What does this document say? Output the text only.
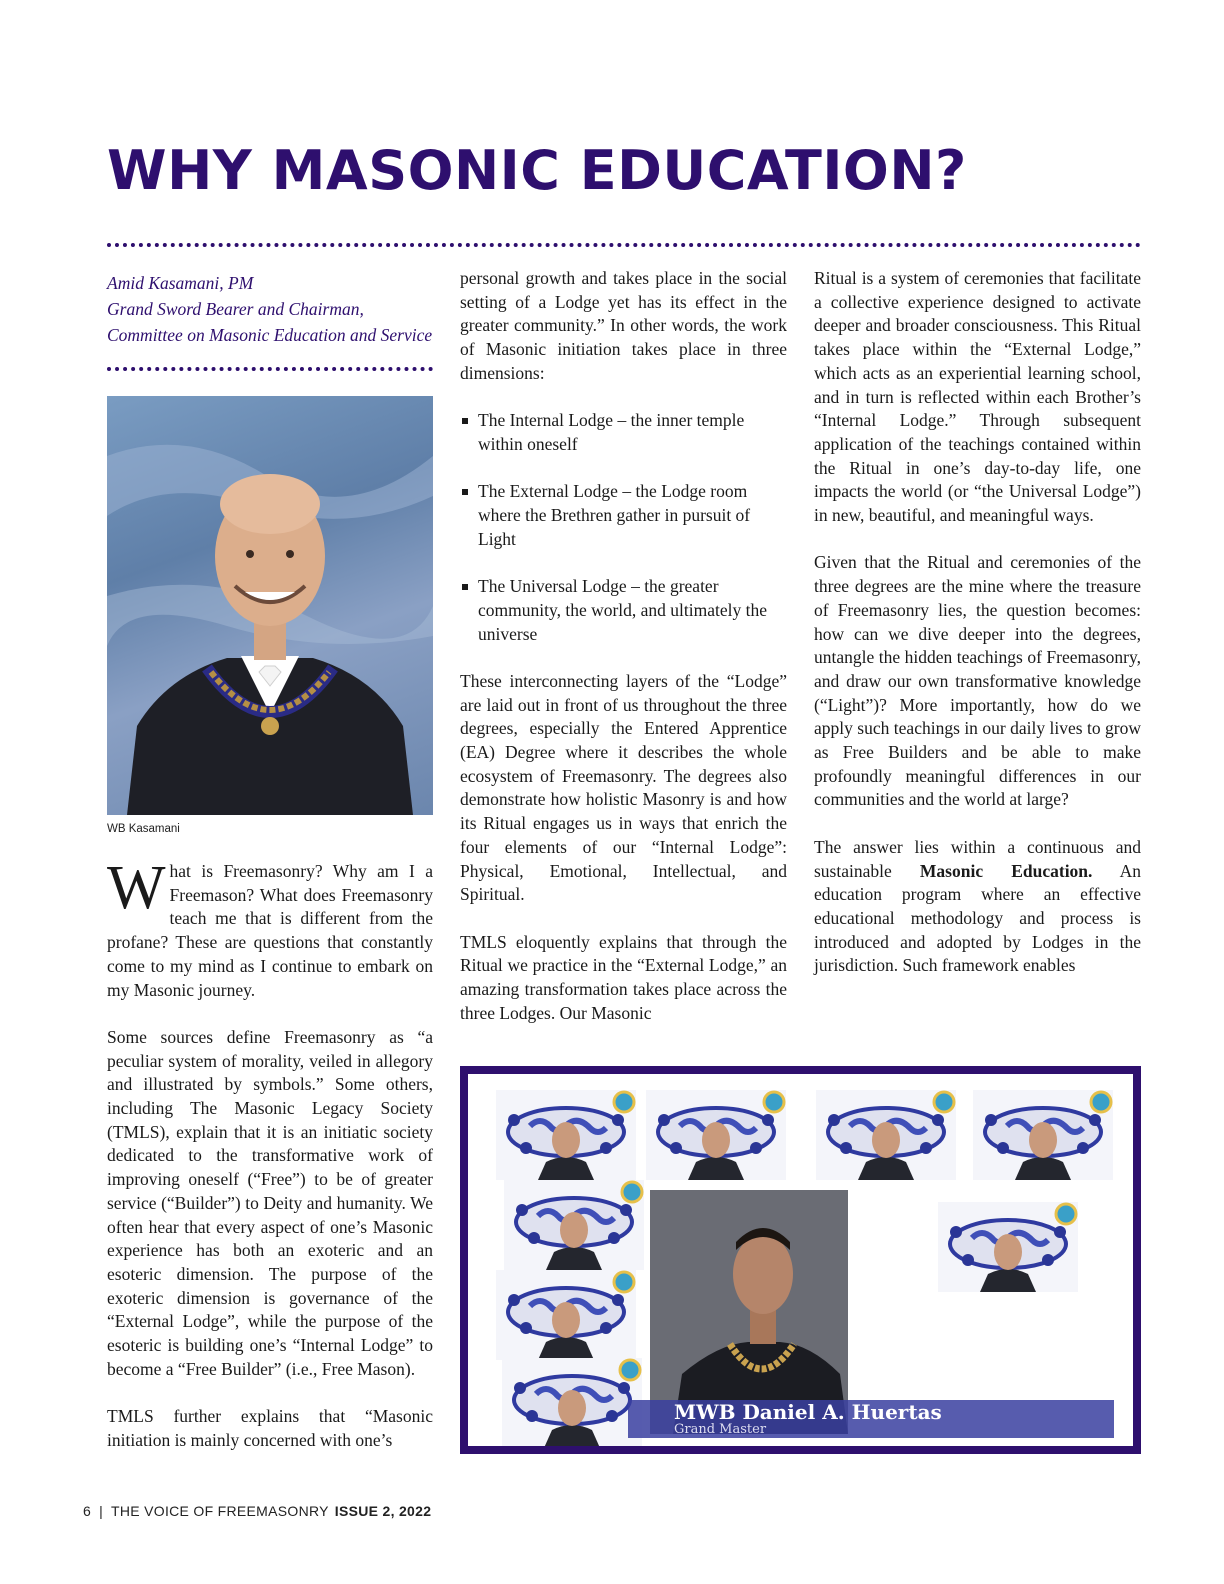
WHY MASONIC EDUCATION?
Amid Kasamani, PM
Grand Sword Bearer and Chairman,
Committee on Masonic Education and Service
WB Kasamani

What is Freemasonry? Why am I a Freemason? What does Freemasonry teach me that is different from the profane? These are questions that constantly come to my mind as I continue to embark on my Masonic journey.

Some sources define Freemasonry as “a peculiar system of morality, veiled in allegory and illustrated by symbols.” Some others, including The Masonic Legacy Society (TMLS), explain that it is an initiatic society dedicated to the transformative work of improving oneself (“Free”) to be of greater service (“Builder”) to Deity and humanity. We often hear that every aspect of one’s Masonic experience has both an exoteric and an esoteric dimension. The purpose of the exoteric dimension is governance of the “External Lodge”, while the purpose of the esoteric is building one’s “Internal Lodge” to become a “Free Builder” (i.e., Free Mason).

TMLS further explains that “Masonic initiation is mainly concerned with one’s

personal growth and takes place in the social setting of a Lodge yet has its effect in the greater community.” In other words, the work of Masonic initiation takes place in three dimensions:

The Internal Lodge – the inner temple within oneself
The External Lodge – the Lodge room where the Brethren gather in pursuit of Light
The Universal Lodge – the greater community, the world, and ultimately the universe

These interconnecting layers of the “Lodge” are laid out in front of us throughout the three degrees, especially the Entered Apprentice (EA) Degree where it describes the whole ecosystem of Freemasonry. The degrees also demonstrate how holistic Masonry is and how its Ritual engages us in ways that enrich the four elements of our “Internal Lodge”: Physical, Emotional, Intellectual, and Spiritual.

TMLS eloquently explains that through the Ritual we practice in the “External Lodge,” an amazing transformation takes place across the three Lodges. Our Masonic

Ritual is a system of ceremonies that facilitate a collective experience designed to activate deeper and broader consciousness. This Ritual takes place within the “External Lodge,” which acts as an experiential learning school, and in turn is reflected within each Brother’s “Internal Lodge.” Through subsequent application of the teachings contained within the Ritual in one’s day-to-day life, one impacts the world (or “the Universal Lodge”) in new, beautiful, and meaningful ways.

Given that the Ritual and ceremonies of the three degrees are the mine where the treasure of Freemasonry lies, the question becomes: how can we dive deeper into the degrees, untangle the hidden teachings of Freemasonry, and draw our own transformative knowledge (“Light”)? More importantly, how do we apply such teachings in our daily lives to grow as Free Builders and be able to make profoundly meaningful differences in our communities and the world at large?

The answer lies within a continuous and sustainable Masonic Education. An education program where an effective educational methodology and process is introduced and adopted by Lodges in the jurisdiction. Such framework enables

MWB Daniel A. Huertas
Grand Master
6 | THE VOICE OF FREEMASONRY ISSUE 2, 2022
